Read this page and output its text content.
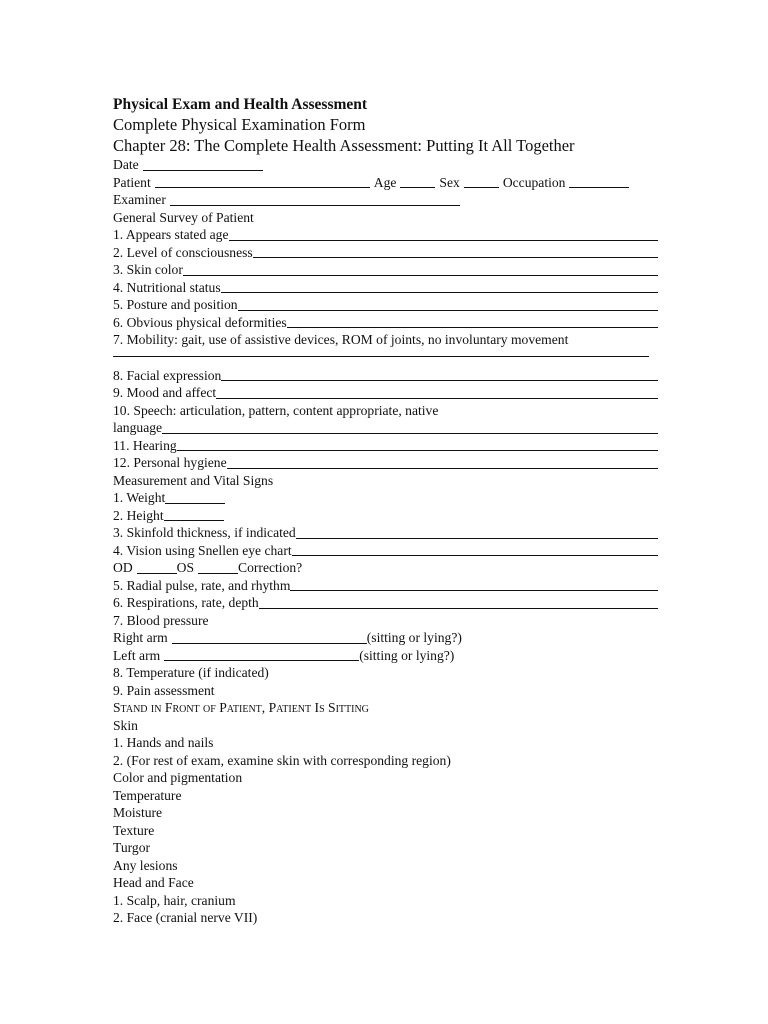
Physical Exam and Health Assessment

Complete Physical Examination Form

Chapter 28: The Complete Health Assessment: Putting It All Together

Date
Patient	Age	Sex	Occupation
Examiner
General Survey of Patient
1. Appears stated age
2. Level of consciousness
3. Skin color
4. Nutritional status
5. Posture and position
6. Obvious physical deformities
7. Mobility: gait, use of assistive devices, ROM of joints, no involuntary movement
8. Facial expression
9. Mood and affect
10. Speech: articulation, pattern, content appropriate, native
language
11. Hearing
12. Personal hygiene
Measurement and Vital Signs
1. Weight
2. Height
3. Skinfold thickness, if indicated
4. Vision using Snellen eye chart
OD	OS	Correction?
5. Radial pulse, rate, and rhythm
6. Respirations, rate, depth
7. Blood pressure
Right arm	(sitting or lying?)
Left arm	(sitting or lying?)
8. Temperature (if indicated)
9. Pain assessment
Stand in Front of Patient, Patient Is Sitting
Skin
1. Hands and nails
2. (For rest of exam, examine skin with corresponding region)
Color and pigmentation
Temperature
Moisture
Texture
Turgor
Any lesions
Head and Face
1. Scalp, hair, cranium
2. Face (cranial nerve VII)
